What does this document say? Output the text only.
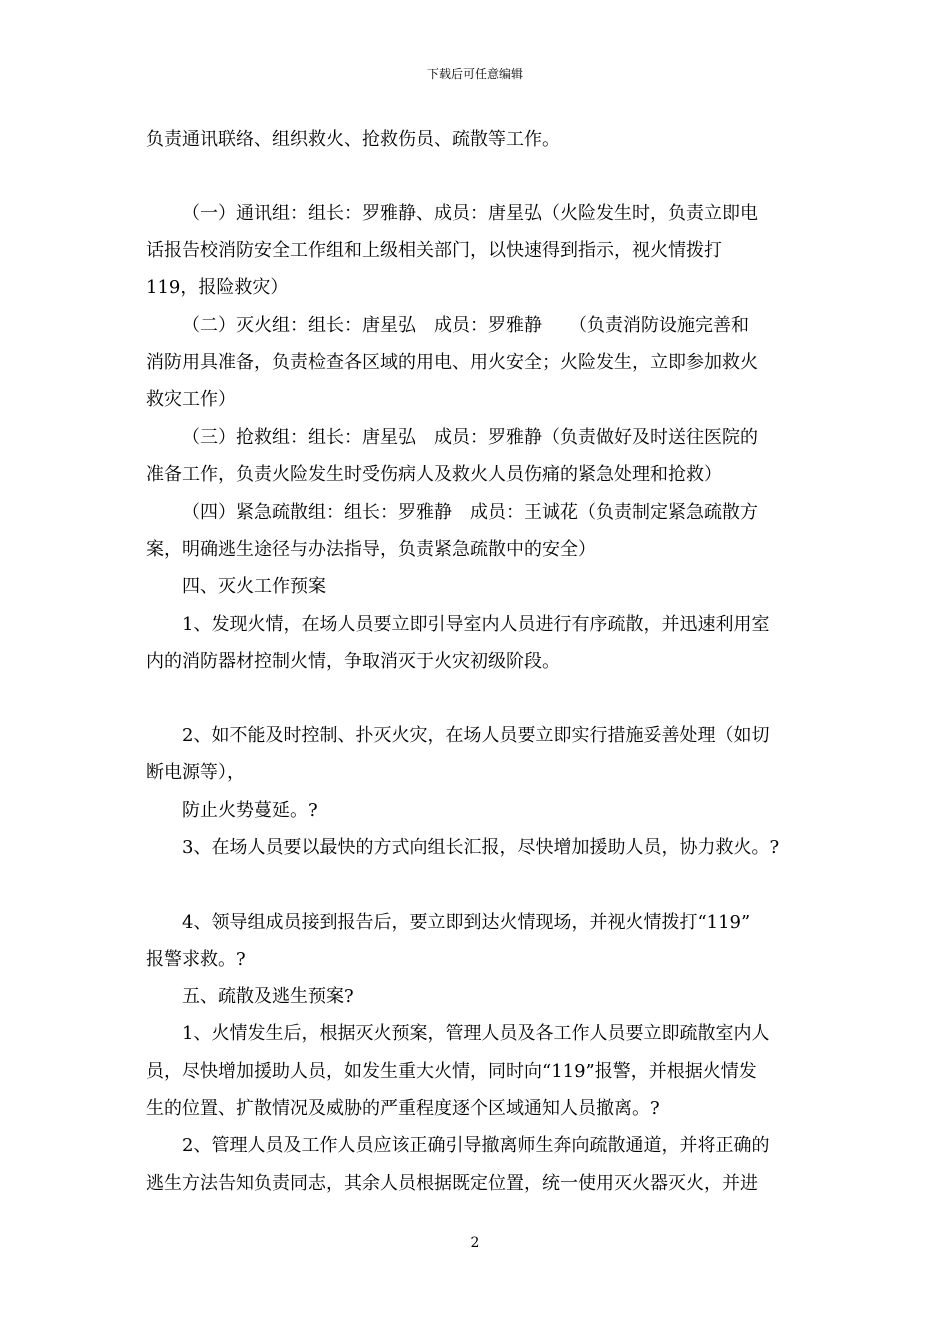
下载后可任意编辑
负责通讯联络、组织救火、抢救伤员、疏散等工作。
（一）通讯组：组长：罗雅静、成员：唐星弘（火险发生时，负责立即电
话报告校消防安全工作组和上级相关部门，以快速得到指示，视火情拨打
119，报险救灾）
（二）灭火组：组长：唐星弘　成员：罗雅静　　（负责消防设施完善和
消防用具准备，负责检查各区域的用电、用火安全；火险发生，立即参加救火
救灾工作）
（三）抢救组：组长：唐星弘　成员：罗雅静（负责做好及时送往医院的
准备工作，负责火险发生时受伤病人及救火人员伤痛的紧急处理和抢救）
（四）紧急疏散组：组长：罗雅静　成员：王诚花（负责制定紧急疏散方
案，明确逃生途径与办法指导，负责紧急疏散中的安全）
四、灭火工作预案
1、发现火情，在场人员要立即引导室内人员进行有序疏散，并迅速利用室
内的消防器材控制火情，争取消灭于火灾初级阶段。
2、如不能及时控制、扑灭火灾，在场人员要立即实行措施妥善处理（如切
断电源等），
防止火势蔓延。?
3、在场人员要以最快的方式向组长汇报，尽快增加援助人员，协力救火。?
4、领导组成员接到报告后，要立即到达火情现场，并视火情拨打“119”
报警求救。?
五、疏散及逃生预案?
1、火情发生后，根据灭火预案，管理人员及各工作人员要立即疏散室内人
员，尽快增加援助人员，如发生重大火情，同时向“119”报警，并根据火情发
生的位置、扩散情况及威胁的严重程度逐个区域通知人员撤离。?
2、管理人员及工作人员应该正确引导撤离师生奔向疏散通道，并将正确的
逃生方法告知负责同志，其余人员根据既定位置，统一使用灭火器灭火，并进
2
